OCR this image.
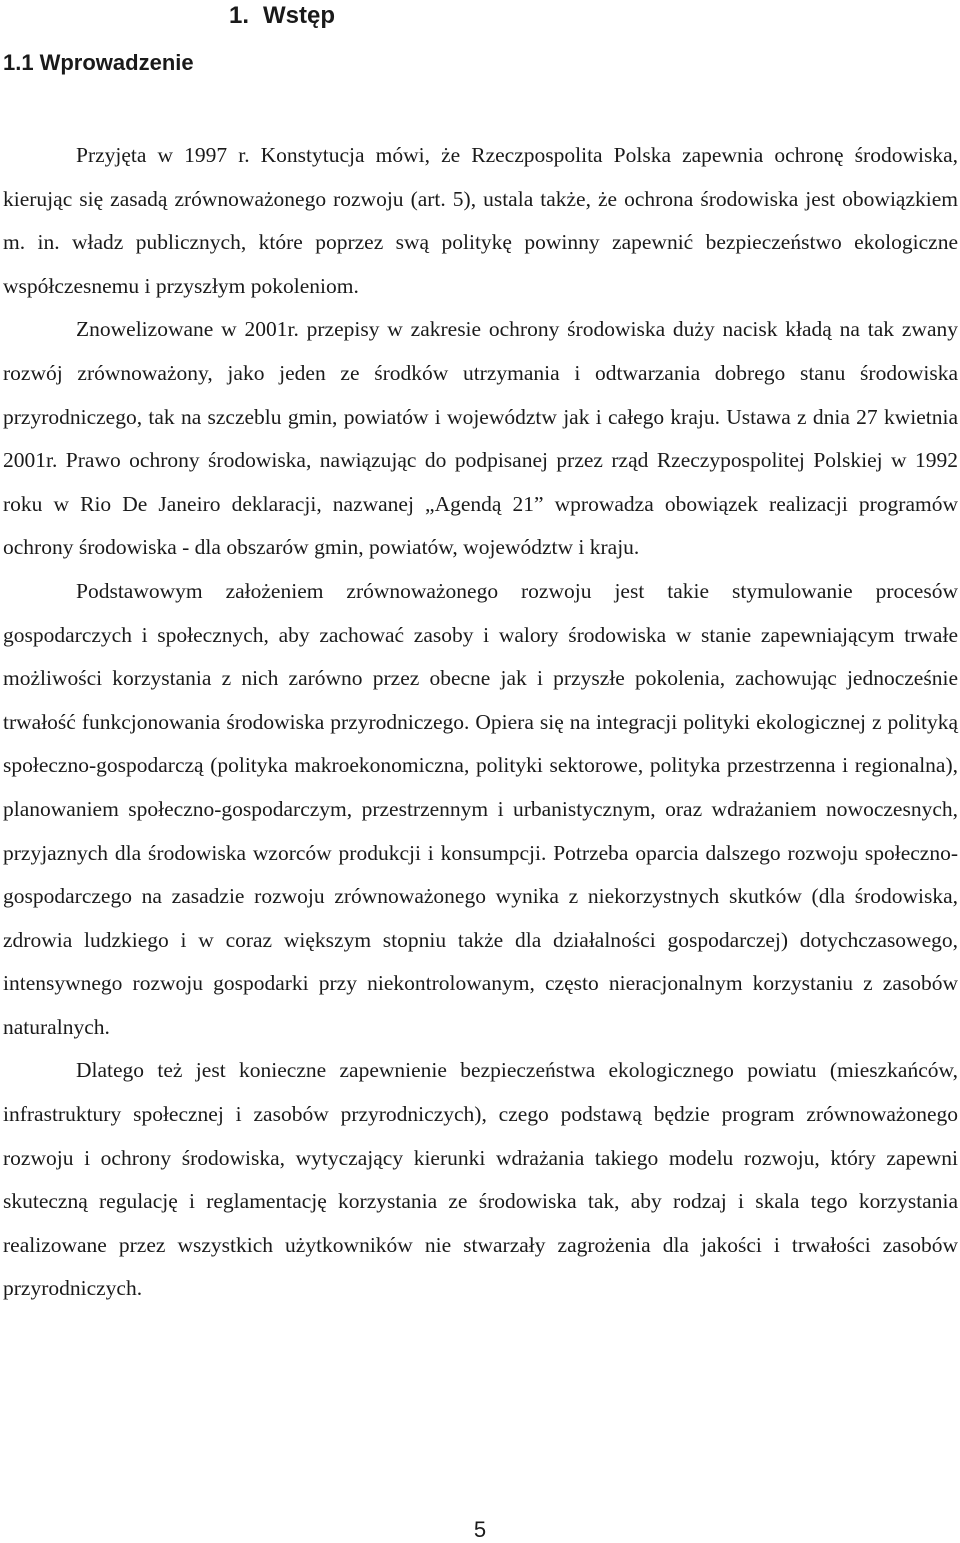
1. Wstęp
1.1 Wprowadzenie

Przyjęta w 1997 r. Konstytucja mówi, że Rzeczpospolita Polska zapewnia ochronę środowiska, kierując się zasadą zrównoważonego rozwoju (art. 5), ustala także, że ochrona środowiska jest obowiązkiem m. in. władz publicznych, które poprzez swą politykę powinny zapewnić bezpieczeństwo ekologiczne współczesnemu i przyszłym pokoleniom.

Znowelizowane w 2001r. przepisy w zakresie ochrony środowiska duży nacisk kładą na tak zwany rozwój zrównoważony, jako jeden ze środków utrzymania i odtwarzania dobrego stanu środowiska przyrodniczego, tak na szczeblu gmin, powiatów i województw jak i całego kraju. Ustawa z dnia 27 kwietnia 2001r. Prawo ochrony środowiska, nawiązując do podpisanej przez rząd Rzeczypospolitej Polskiej w 1992 roku w Rio De Janeiro deklaracji, nazwanej „Agendą 21” wprowadza obowiązek realizacji programów ochrony środowiska - dla obszarów gmin, powiatów, województw i kraju.

Podstawowym założeniem zrównoważonego rozwoju jest takie stymulowanie procesów gospodarczych i społecznych, aby zachować zasoby i walory środowiska w stanie zapewniającym trwałe możliwości korzystania z nich zarówno przez obecne jak i przyszłe pokolenia, zachowując jednocześnie trwałość funkcjonowania środowiska przyrodniczego. Opiera się na integracji polityki ekologicznej z polityką społeczno-gospodarczą (polityka makroekonomiczna, polityki sektorowe, polityka przestrzenna i regionalna), planowaniem społeczno-gospodarczym, przestrzennym i urbanistycznym, oraz wdrażaniem nowoczesnych, przyjaznych dla środowiska wzorców produkcji i konsumpcji. Potrzeba oparcia dalszego rozwoju społeczno-gospodarczego na zasadzie rozwoju zrównoważonego wynika z niekorzystnych skutków (dla środowiska, zdrowia ludzkiego i w coraz większym stopniu także dla działalności gospodarczej) dotychczasowego, intensywnego rozwoju gospodarki przy niekontrolowanym, często nieracjonalnym korzystaniu z zasobów naturalnych.

Dlatego też jest konieczne zapewnienie bezpieczeństwa ekologicznego powiatu (mieszkańców, infrastruktury społecznej i zasobów przyrodniczych), czego podstawą będzie program zrównoważonego rozwoju i ochrony środowiska, wytyczający kierunki wdrażania takiego modelu rozwoju, który zapewni skuteczną regulację i reglamentację korzystania ze środowiska tak, aby rodzaj i skala tego korzystania realizowane przez wszystkich użytkowników nie stwarzały zagrożenia dla jakości i trwałości zasobów przyrodniczych.

5
